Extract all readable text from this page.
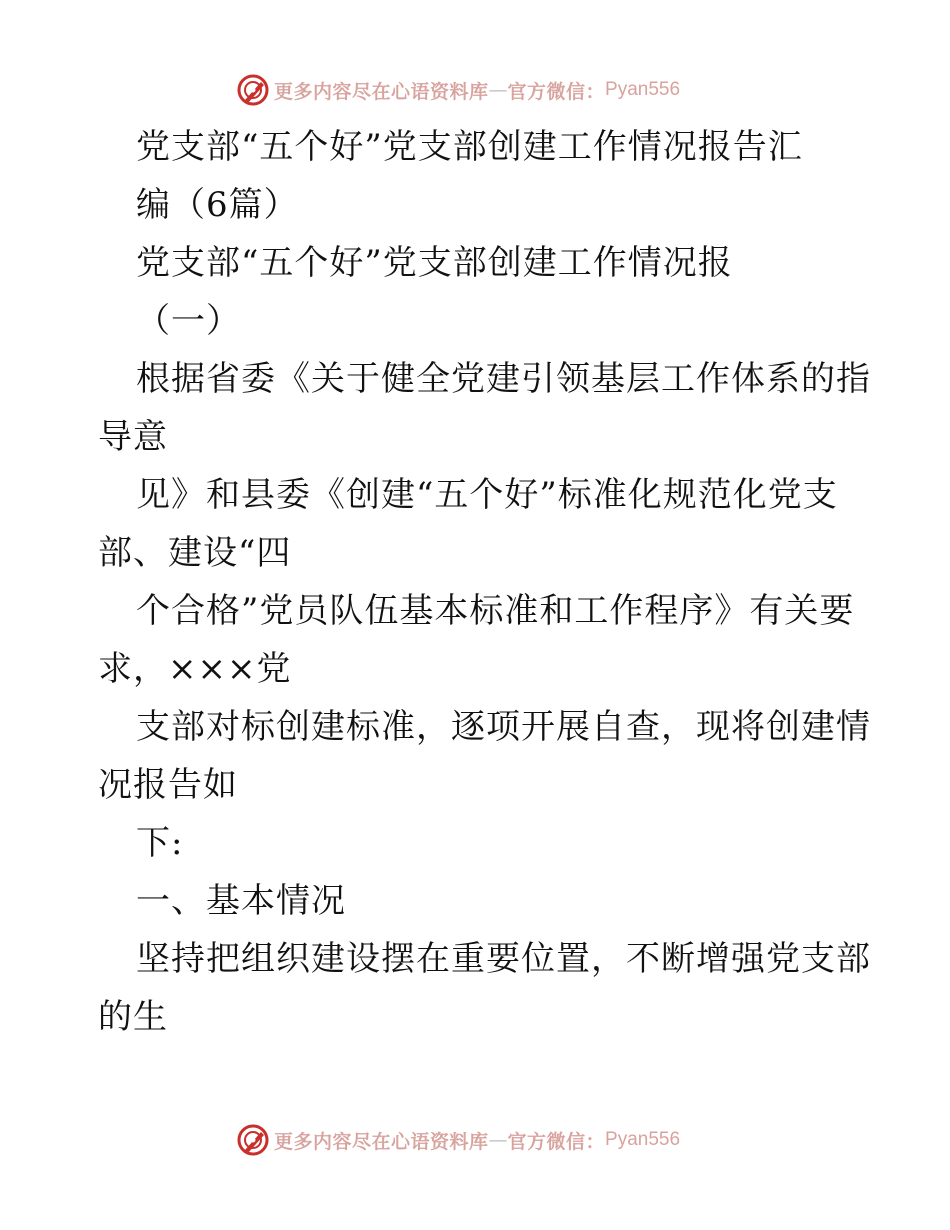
更多内容尽在心语资料库 — 官方微信： Pyan556
党支部“五个好”党支部创建工作情况报告汇
编（6篇）
党支部“五个好”党支部创建工作情况报
（一）
根据省委《关于健全党建引领基层工作体系的指
导意
见》和县委《创建“五个好”标准化规范化党支
部、建设“四
个合格”党员队伍基本标准和工作程序》有关要
求，×××党
支部对标创建标准，逐项开展自查，现将创建情
况报告如
下:
一、基本情况
坚持把组织建设摆在重要位置，不断增强党支部
的生
更多内容尽在心语资料库 — 官方微信： Pyan556
